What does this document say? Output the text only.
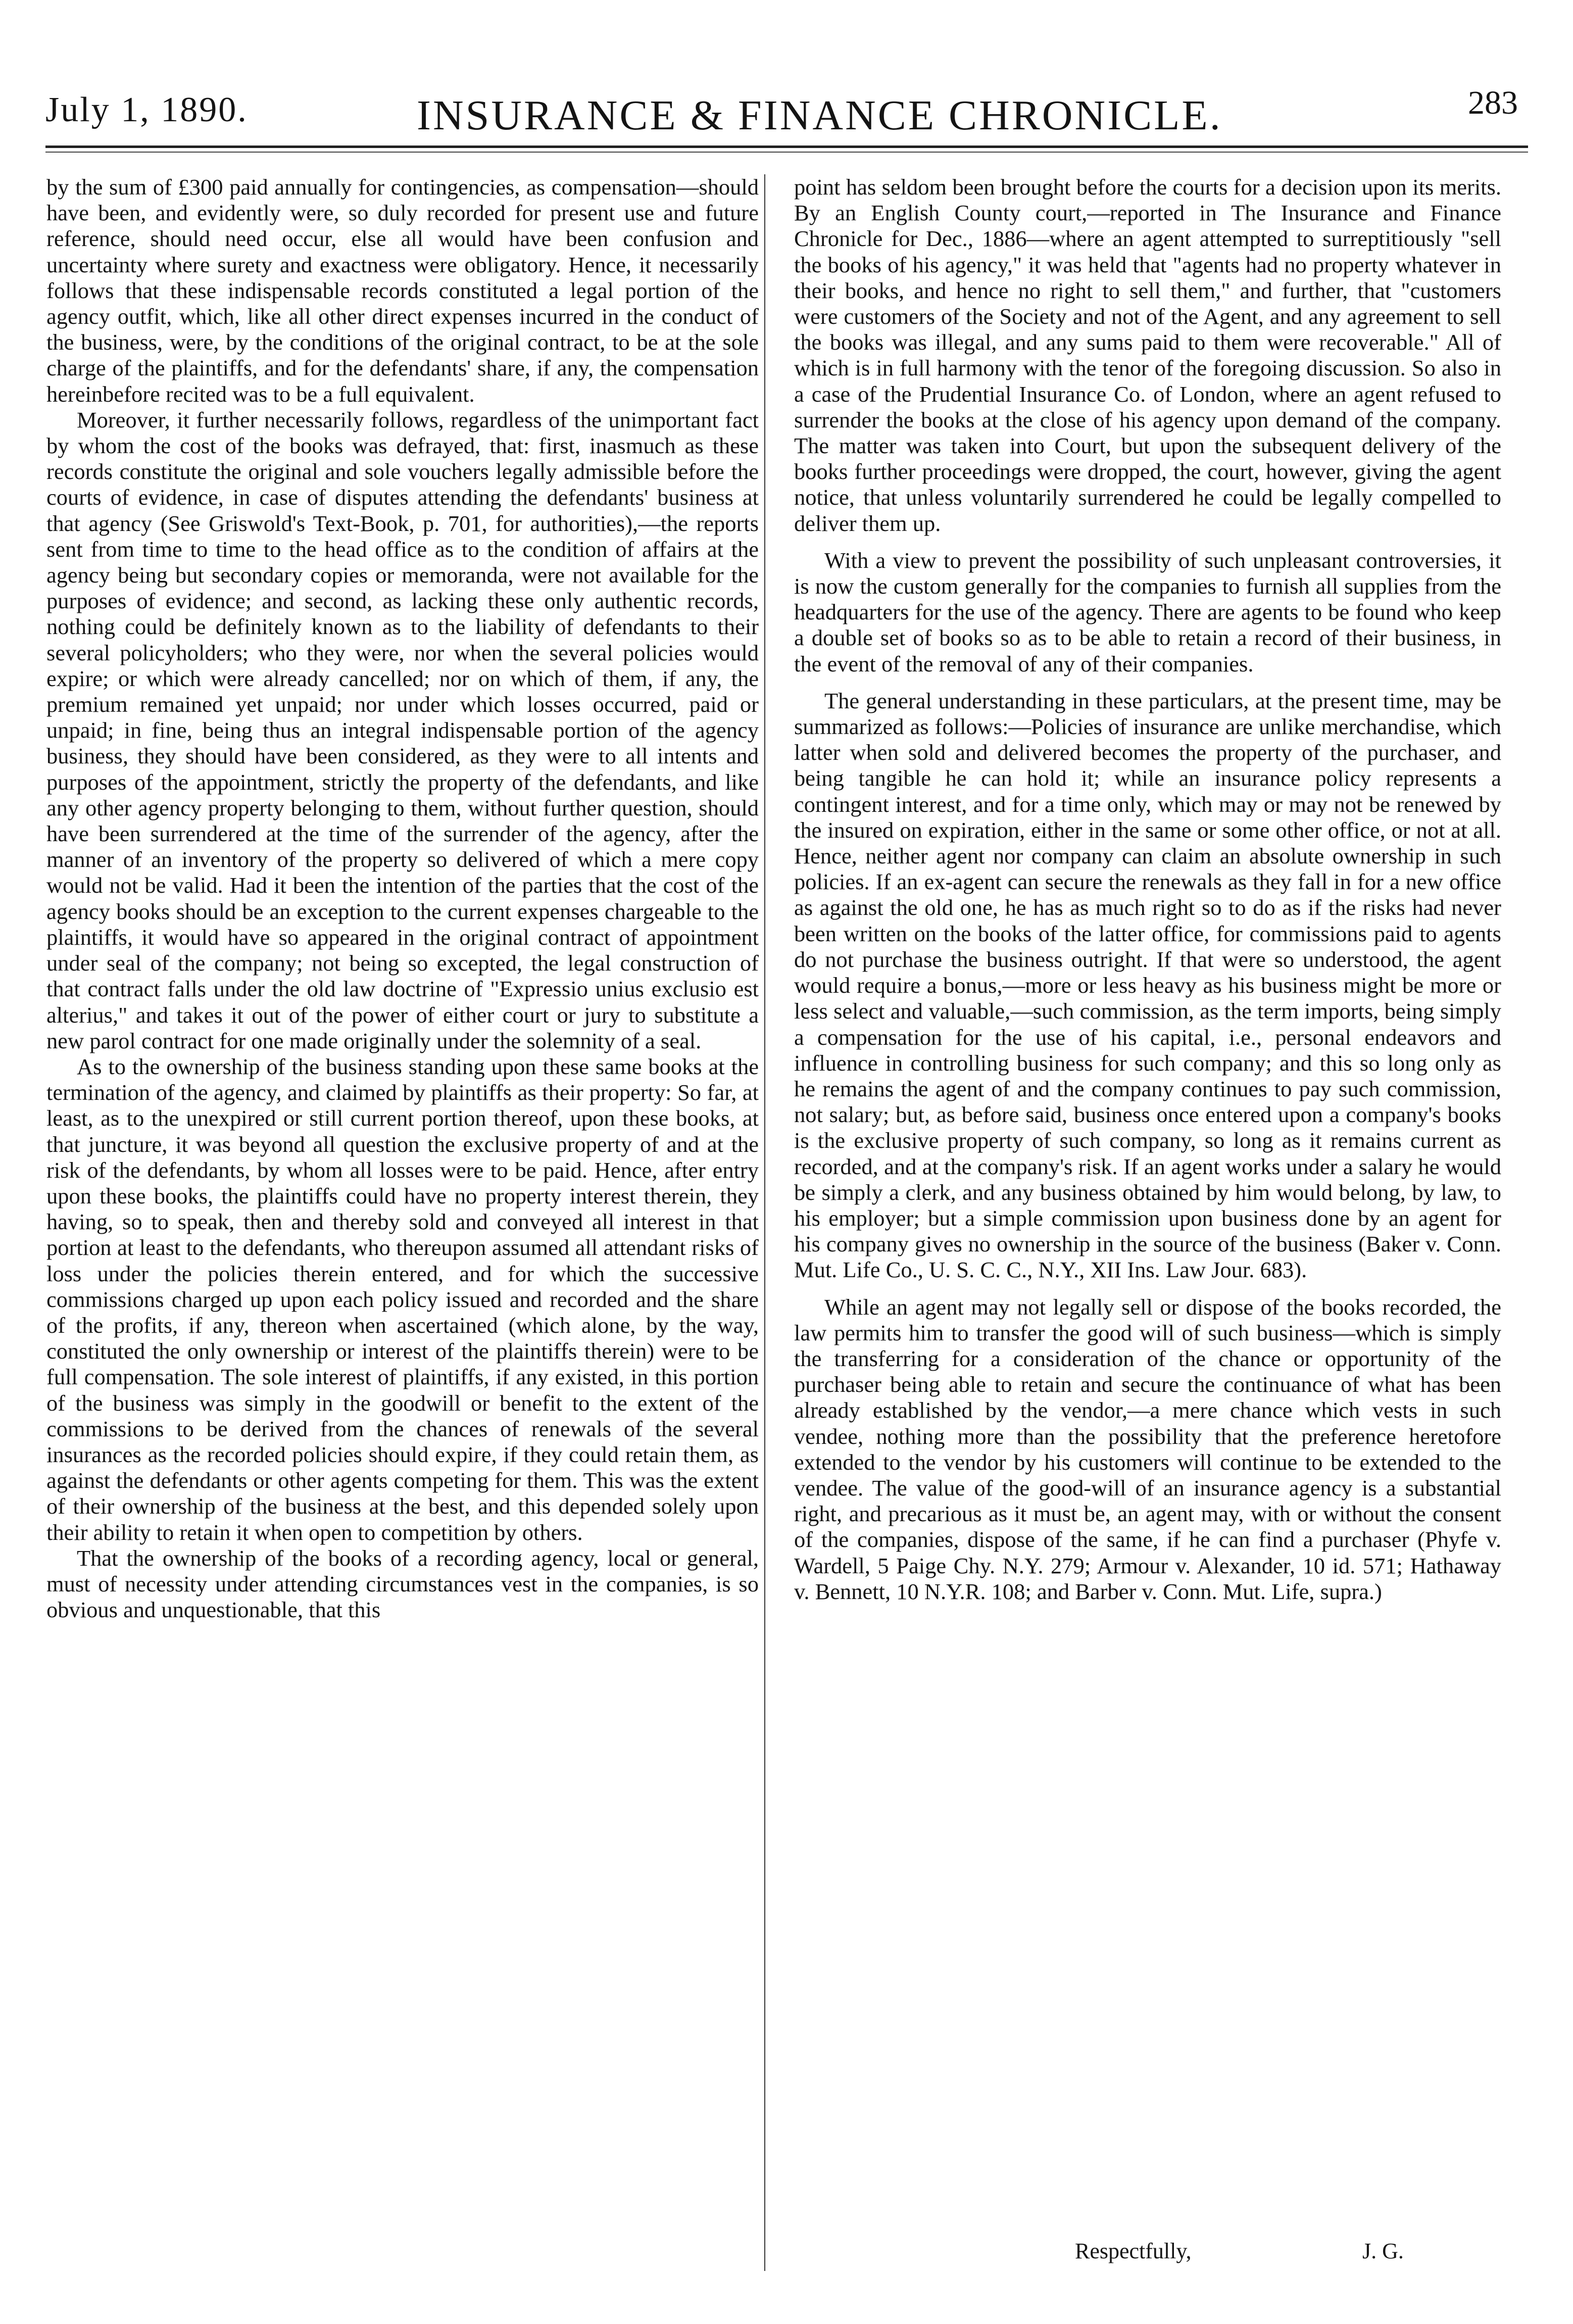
July 1, 1890.	INSURANCE & FINANCE CHRONICLE.	283

by the sum of £300 paid annually for contingencies, as compensation—should have been, and evidently were, so duly recorded for present use and future reference, should need occur, else all would have been confusion and uncertainty where surety and exactness were obligatory. Hence, it necessarily follows that these indispensable records constituted a legal portion of the agency outfit, which, like all other direct expenses incurred in the conduct of the business, were, by the conditions of the original contract, to be at the sole charge of the plaintiffs, and for the defendants' share, if any, the compensation hereinbefore recited was to be a full equivalent.

Moreover, it further necessarily follows, regardless of the unimportant fact by whom the cost of the books was defrayed, that: first, inasmuch as these records constitute the original and sole vouchers legally admissible before the courts of evidence, in case of disputes attending the defendants' business at that agency (See Griswold's Text-Book, p. 701, for authorities),—the reports sent from time to time to the head office as to the condition of affairs at the agency being but secondary copies or memoranda, were not available for the purposes of evidence; and second, as lacking these only authentic records, nothing could be definitely known as to the liability of defendants to their several policyholders; who they were, nor when the several policies would expire; or which were already cancelled; nor on which of them, if any, the premium remained yet unpaid; nor under which losses occurred, paid or unpaid; in fine, being thus an integral indispensable portion of the agency business, they should have been considered, as they were to all intents and purposes of the appointment, strictly the property of the defendants, and like any other agency property belonging to them, without further question, should have been surrendered at the time of the surrender of the agency, after the manner of an inventory of the property so delivered of which a mere copy would not be valid. Had it been the intention of the parties that the cost of the agency books should be an exception to the current expenses chargeable to the plaintiffs, it would have so appeared in the original contract of appointment under seal of the company; not being so excepted, the legal construction of that contract falls under the old law doctrine of "Expressio unius exclusio est alterius," and takes it out of the power of either court or jury to substitute a new parol contract for one made originally under the solemnity of a seal.

As to the ownership of the business standing upon these same books at the termination of the agency, and claimed by plaintiffs as their property: So far, at least, as to the unexpired or still current portion thereof, upon these books, at that juncture, it was beyond all question the exclusive property of and at the risk of the defendants, by whom all losses were to be paid. Hence, after entry upon these books, the plaintiffs could have no property interest therein, they having, so to speak, then and thereby sold and conveyed all interest in that portion at least to the defendants, who thereupon assumed all attendant risks of loss under the policies therein entered, and for which the successive commissions charged up upon each policy issued and recorded and the share of the profits, if any, thereon when ascertained (which alone, by the way, constituted the only ownership or interest of the plaintiffs therein) were to be full compensation. The sole interest of plaintiffs, if any existed, in this portion of the business was simply in the goodwill or benefit to the extent of the commissions to be derived from the chances of renewals of the several insurances as the recorded policies should expire, if they could retain them, as against the defendants or other agents competing for them. This was the extent of their ownership of the business at the best, and this depended solely upon their ability to retain it when open to competition by others.

That the ownership of the books of a recording agency, local or general, must of necessity under attending circumstances vest in the companies, is so obvious and unquestionable, that this

point has seldom been brought before the courts for a decision upon its merits. By an English County court,—reported in The Insurance and Finance Chronicle for Dec., 1886—where an agent attempted to surreptitiously "sell the books of his agency," it was held that "agents had no property whatever in their books, and hence no right to sell them," and further, that "customers were customers of the Society and not of the Agent, and any agreement to sell the books was illegal, and any sums paid to them were recoverable." All of which is in full harmony with the tenor of the foregoing discussion. So also in a case of the Prudential Insurance Co. of London, where an agent refused to surrender the books at the close of his agency upon demand of the company. The matter was taken into Court, but upon the subsequent delivery of the books further proceedings were dropped, the court, however, giving the agent notice, that unless voluntarily surrendered he could be legally compelled to deliver them up.

With a view to prevent the possibility of such unpleasant controversies, it is now the custom generally for the companies to furnish all supplies from the headquarters for the use of the agency. There are agents to be found who keep a double set of books so as to be able to retain a record of their business, in the event of the removal of any of their companies.

The general understanding in these particulars, at the present time, may be summarized as follows:—Policies of insurance are unlike merchandise, which latter when sold and delivered becomes the property of the purchaser, and being tangible he can hold it; while an insurance policy represents a contingent interest, and for a time only, which may or may not be renewed by the insured on expiration, either in the same or some other office, or not at all. Hence, neither agent nor company can claim an absolute ownership in such policies. If an ex-agent can secure the renewals as they fall in for a new office as against the old one, he has as much right so to do as if the risks had never been written on the books of the latter office, for commissions paid to agents do not purchase the business outright. If that were so understood, the agent would require a bonus,—more or less heavy as his business might be more or less select and valuable,—such commission, as the term imports, being simply a compensation for the use of his capital, i.e., personal endeavors and influence in controlling business for such company; and this so long only as he remains the agent of and the company continues to pay such commission, not salary; but, as before said, business once entered upon a company's books is the exclusive property of such company, so long as it remains current as recorded, and at the company's risk. If an agent works under a salary he would be simply a clerk, and any business obtained by him would belong, by law, to his employer; but a simple commission upon business done by an agent for his company gives no ownership in the source of the business (Baker v. Conn. Mut. Life Co., U. S. C. C., N.Y., XII Ins. Law Jour. 683).

While an agent may not legally sell or dispose of the books recorded, the law permits him to transfer the good will of such business—which is simply the transferring for a consideration of the chance or opportunity of the purchaser being able to retain and secure the continuance of what has been already established by the vendor,—a mere chance which vests in such vendee, nothing more than the possibility that the preference heretofore extended to the vendor by his customers will continue to be extended to the vendee. The value of the good-will of an insurance agency is a substantial right, and precarious as it must be, an agent may, with or without the consent of the companies, dispose of the same, if he can find a purchaser (Phyfe v. Wardell, 5 Paige Chy. N.Y. 279; Armour v. Alexander, 10 id. 571; Hathaway v. Bennett, 10 N.Y.R. 108; and Barber v. Conn. Mut. Life, supra.)

Respectfully,	J. G.
